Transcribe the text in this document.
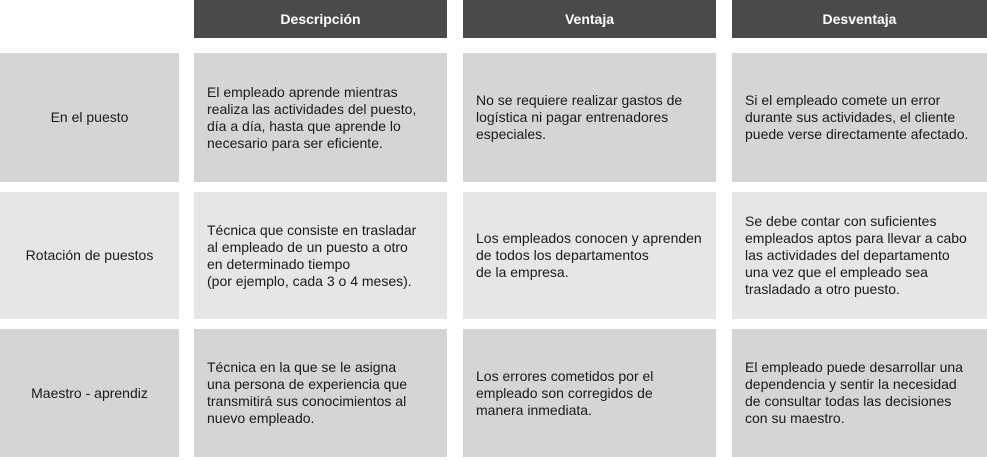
Descripción	Ventaja	Desventaja
En el puesto
El empleado aprende mientras
realiza las actividades del puesto,
día a día, hasta que aprende lo
necesario para ser eficiente.
No se requiere realizar gastos de
logística ni pagar entrenadores
especiales.
Si el empleado comete un error
durante sus actividades, el cliente
puede verse directamente afectado.
Rotación de puestos
Técnica que consiste en trasladar
al empleado de un puesto a otro
en determinado tiempo
(por ejemplo, cada 3 o 4 meses).
Los empleados conocen y aprenden
de todos los departamentos
de la empresa.
Se debe contar con suficientes
empleados aptos para llevar a cabo
las actividades del departamento
una vez que el empleado sea
trasladado a otro puesto.
Maestro - aprendiz
Técnica en la que se le asigna
una persona de experiencia que
transmitirá sus conocimientos al
nuevo empleado.
Los errores cometidos por el
empleado son corregidos de
manera inmediata.
El empleado puede desarrollar una
dependencia y sentir la necesidad
de consultar todas las decisiones
con su maestro.
